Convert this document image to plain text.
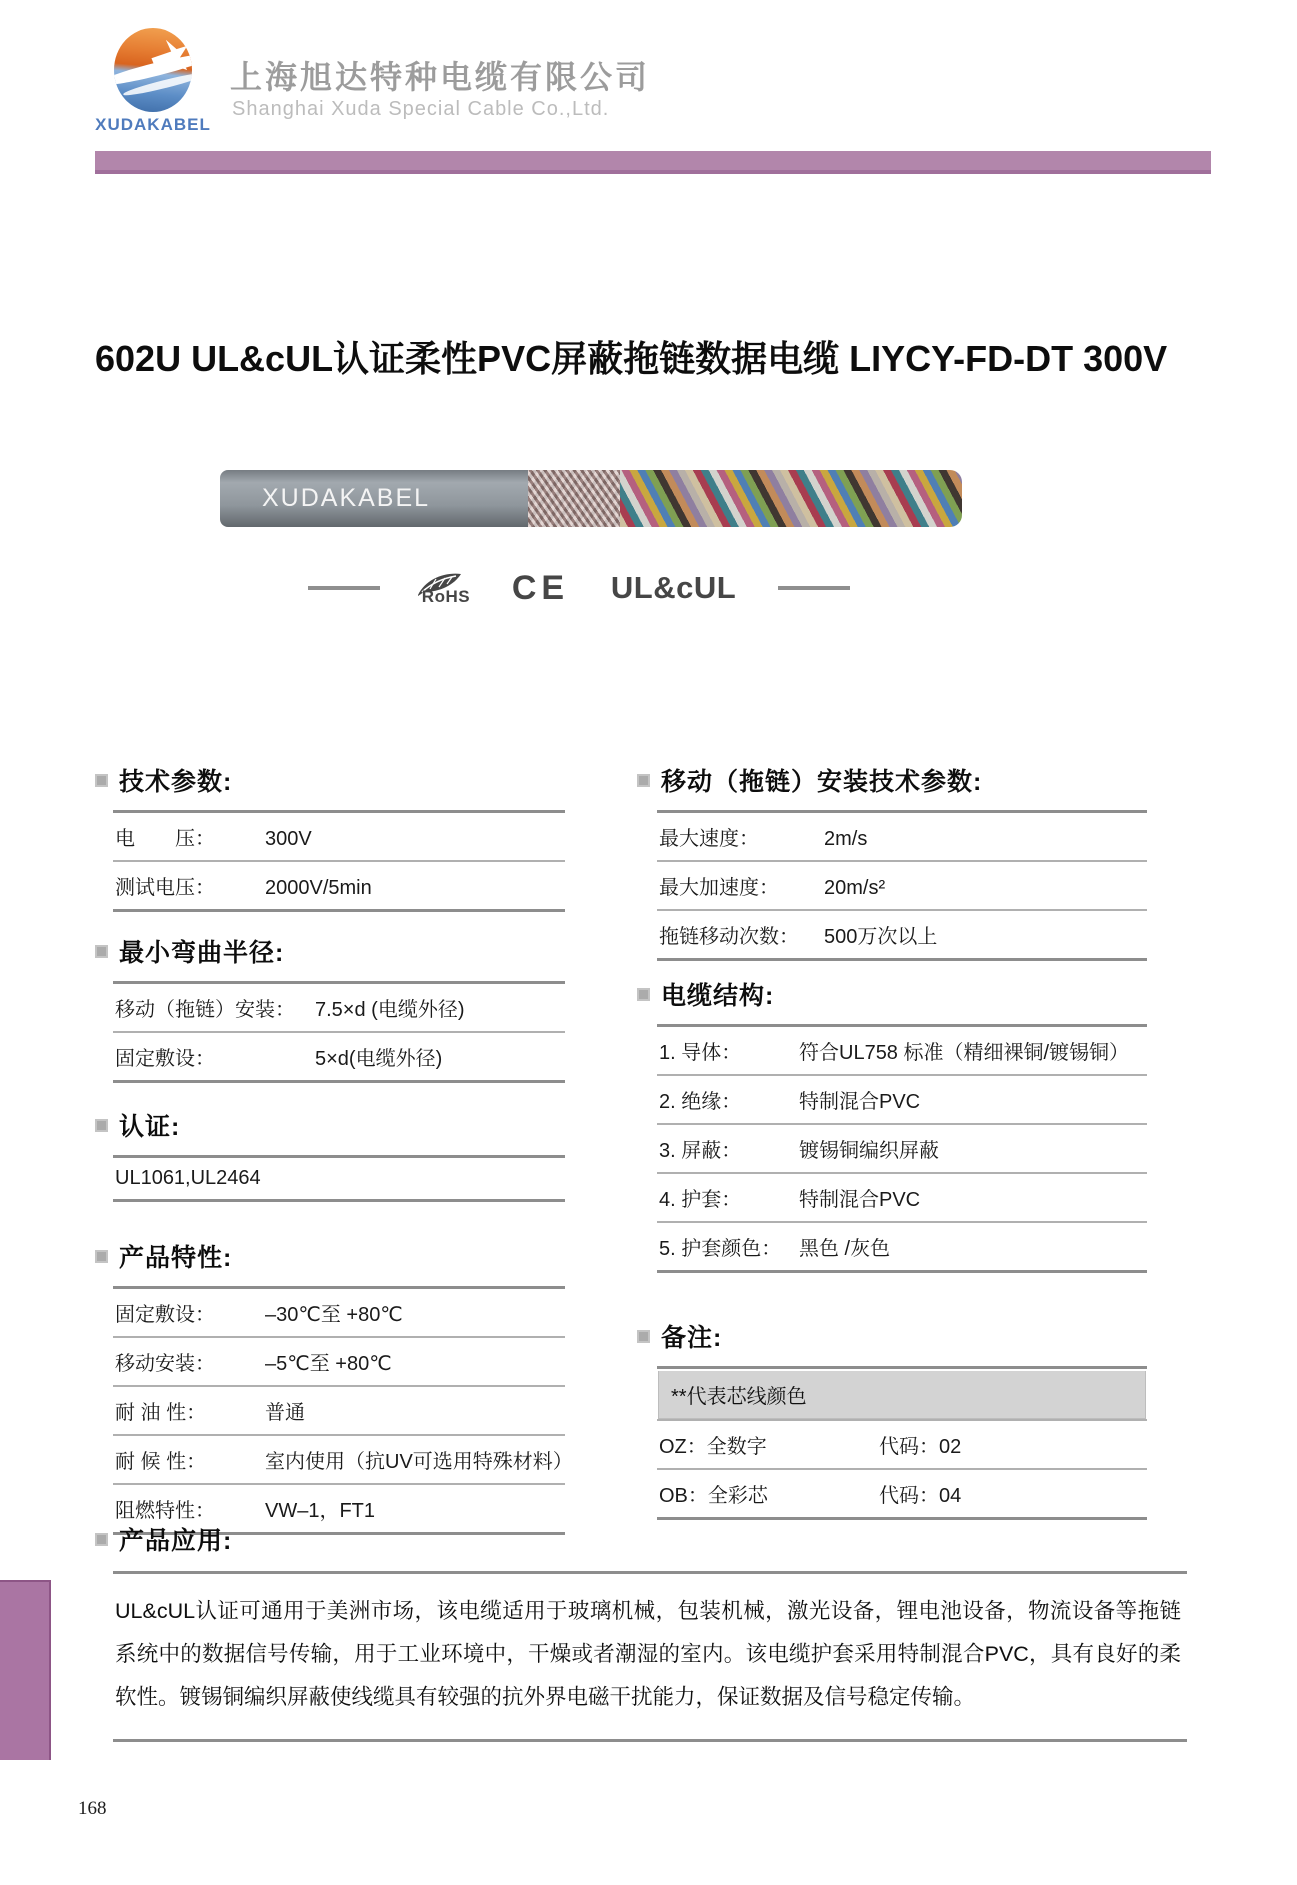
XUDAKABEL
上海旭达特种电缆有限公司
Shanghai Xuda Special Cable Co.,Ltd.
602U UL&cUL认证柔性PVC屏蔽拖链数据电缆 LIYCY-FD-DT 300V
XUDAKABEL
RoHS CE UL&cUL
技术参数:
电　　压：	300V
测试电压：	2000V/5min
最小弯曲半径:
移动（拖链）安装：	7.5×d (电缆外径)
固定敷设：	5×d(电缆外径)
认证:
UL1061,UL2464
产品特性:
固定敷设：	–30℃至 +80℃
移动安装：	–5℃至 +80℃
耐 油 性：	普通
耐 候 性：	室内使用（抗UV可选用特殊材料）
阻燃特性：	VW–1，FT1
移动（拖链）安装技术参数:
最大速度：	2m/s
最大加速度：	20m/s²
拖链移动次数：	500万次以上
电缆结构:
1. 导体：	符合UL758 标准（精细裸铜/镀锡铜）
2. 绝缘：	特制混合PVC
3. 屏蔽：	镀锡铜编织屏蔽
4. 护套：	特制混合PVC
5. 护套颜色： 黑色 /灰色
备注:
**代表芯线颜色
OZ：全数字	代码：02
OB：全彩芯	代码：04
产品应用:
UL&cUL认证可通用于美洲市场，该电缆适用于玻璃机械，包装机械，激光设备，锂电池设备，物流设备等拖链系统中的数据信号传输，用于工业环境中，干燥或者潮湿的室内。该电缆护套采用特制混合PVC，具有良好的柔软性。镀锡铜编织屏蔽使线缆具有较强的抗外界电磁干扰能力，保证数据及信号稳定传输。
168
